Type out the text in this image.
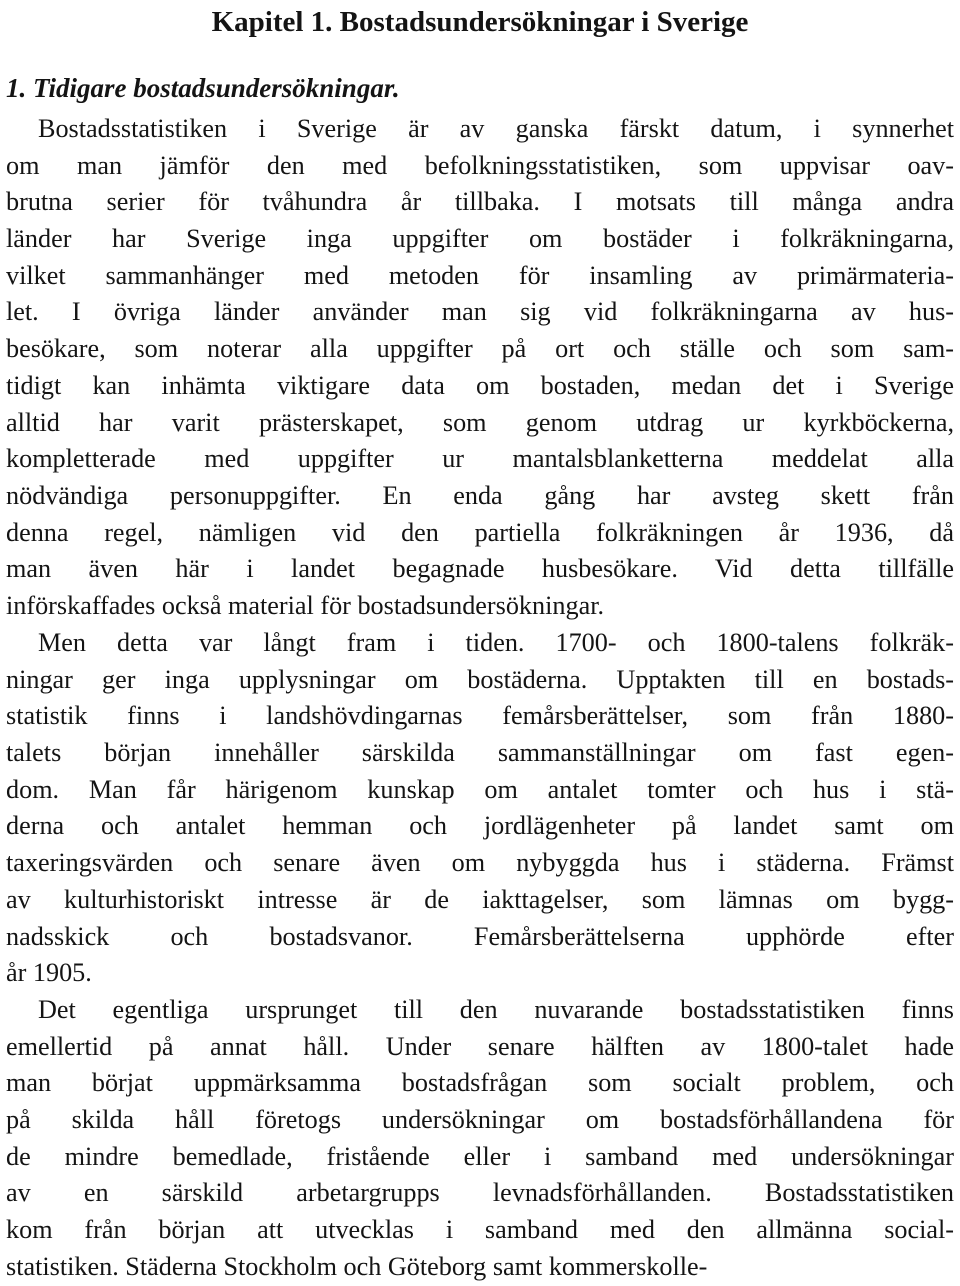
Kapitel 1. Bostadsundersökningar i Sverige
1. Tidigare bostadsundersökningar.

Bostadsstatistiken i Sverige är av ganska färskt datum, i synnerhet
om man jämför den med befolkningsstatistiken, som uppvisar oav-
brutna serier för tvåhundra år tillbaka. I motsats till många andra
länder har Sverige inga uppgifter om bostäder i folkräkningarna,
vilket sammanhänger med metoden för insamling av primärmateria-
let. I övriga länder använder man sig vid folkräkningarna av hus-
besökare, som noterar alla uppgifter på ort och ställe och som sam-
tidigt kan inhämta viktigare data om bostaden, medan det i Sverige
alltid har varit prästerskapet, som genom utdrag ur kyrkböckerna,
kompletterade med uppgifter ur mantalsblanketterna meddelat alla
nödvändiga personuppgifter. En enda gång har avsteg skett från
denna regel, nämligen vid den partiella folkräkningen år 1936, då
man även här i landet begagnade husbesökare. Vid detta tillfälle
införskaffades också material för bostadsundersökningar.

Men detta var långt fram i tiden. 1700- och 1800-talens folkräk-
ningar ger inga upplysningar om bostäderna. Upptakten till en bostads-
statistik finns i landshövdingarnas femårsberättelser, som från 1880-
talets början innehåller särskilda sammanställningar om fast egen-
dom. Man får härigenom kunskap om antalet tomter och hus i stä-
derna och antalet hemman och jordlägenheter på landet samt om
taxeringsvärden och senare även om nybyggda hus i städerna. Främst
av kulturhistoriskt intresse är de iakttagelser, som lämnas om bygg-
nadsskick och bostadsvanor. Femårsberättelserna upphörde efter
år 1905.

Det egentliga ursprunget till den nuvarande bostadsstatistiken finns
emellertid på annat håll. Under senare hälften av 1800-talet hade
man börjat uppmärksamma bostadsfrågan som socialt problem, och
på skilda håll företogs undersökningar om bostadsförhållandena för
de mindre bemedlade, fristående eller i samband med undersökningar
av en särskild arbetargrupps levnadsförhållanden. Bostadsstatistiken
kom från början att utvecklas i samband med den allmänna social-
statistiken. Städerna Stockholm och Göteborg samt kommerskolle-
